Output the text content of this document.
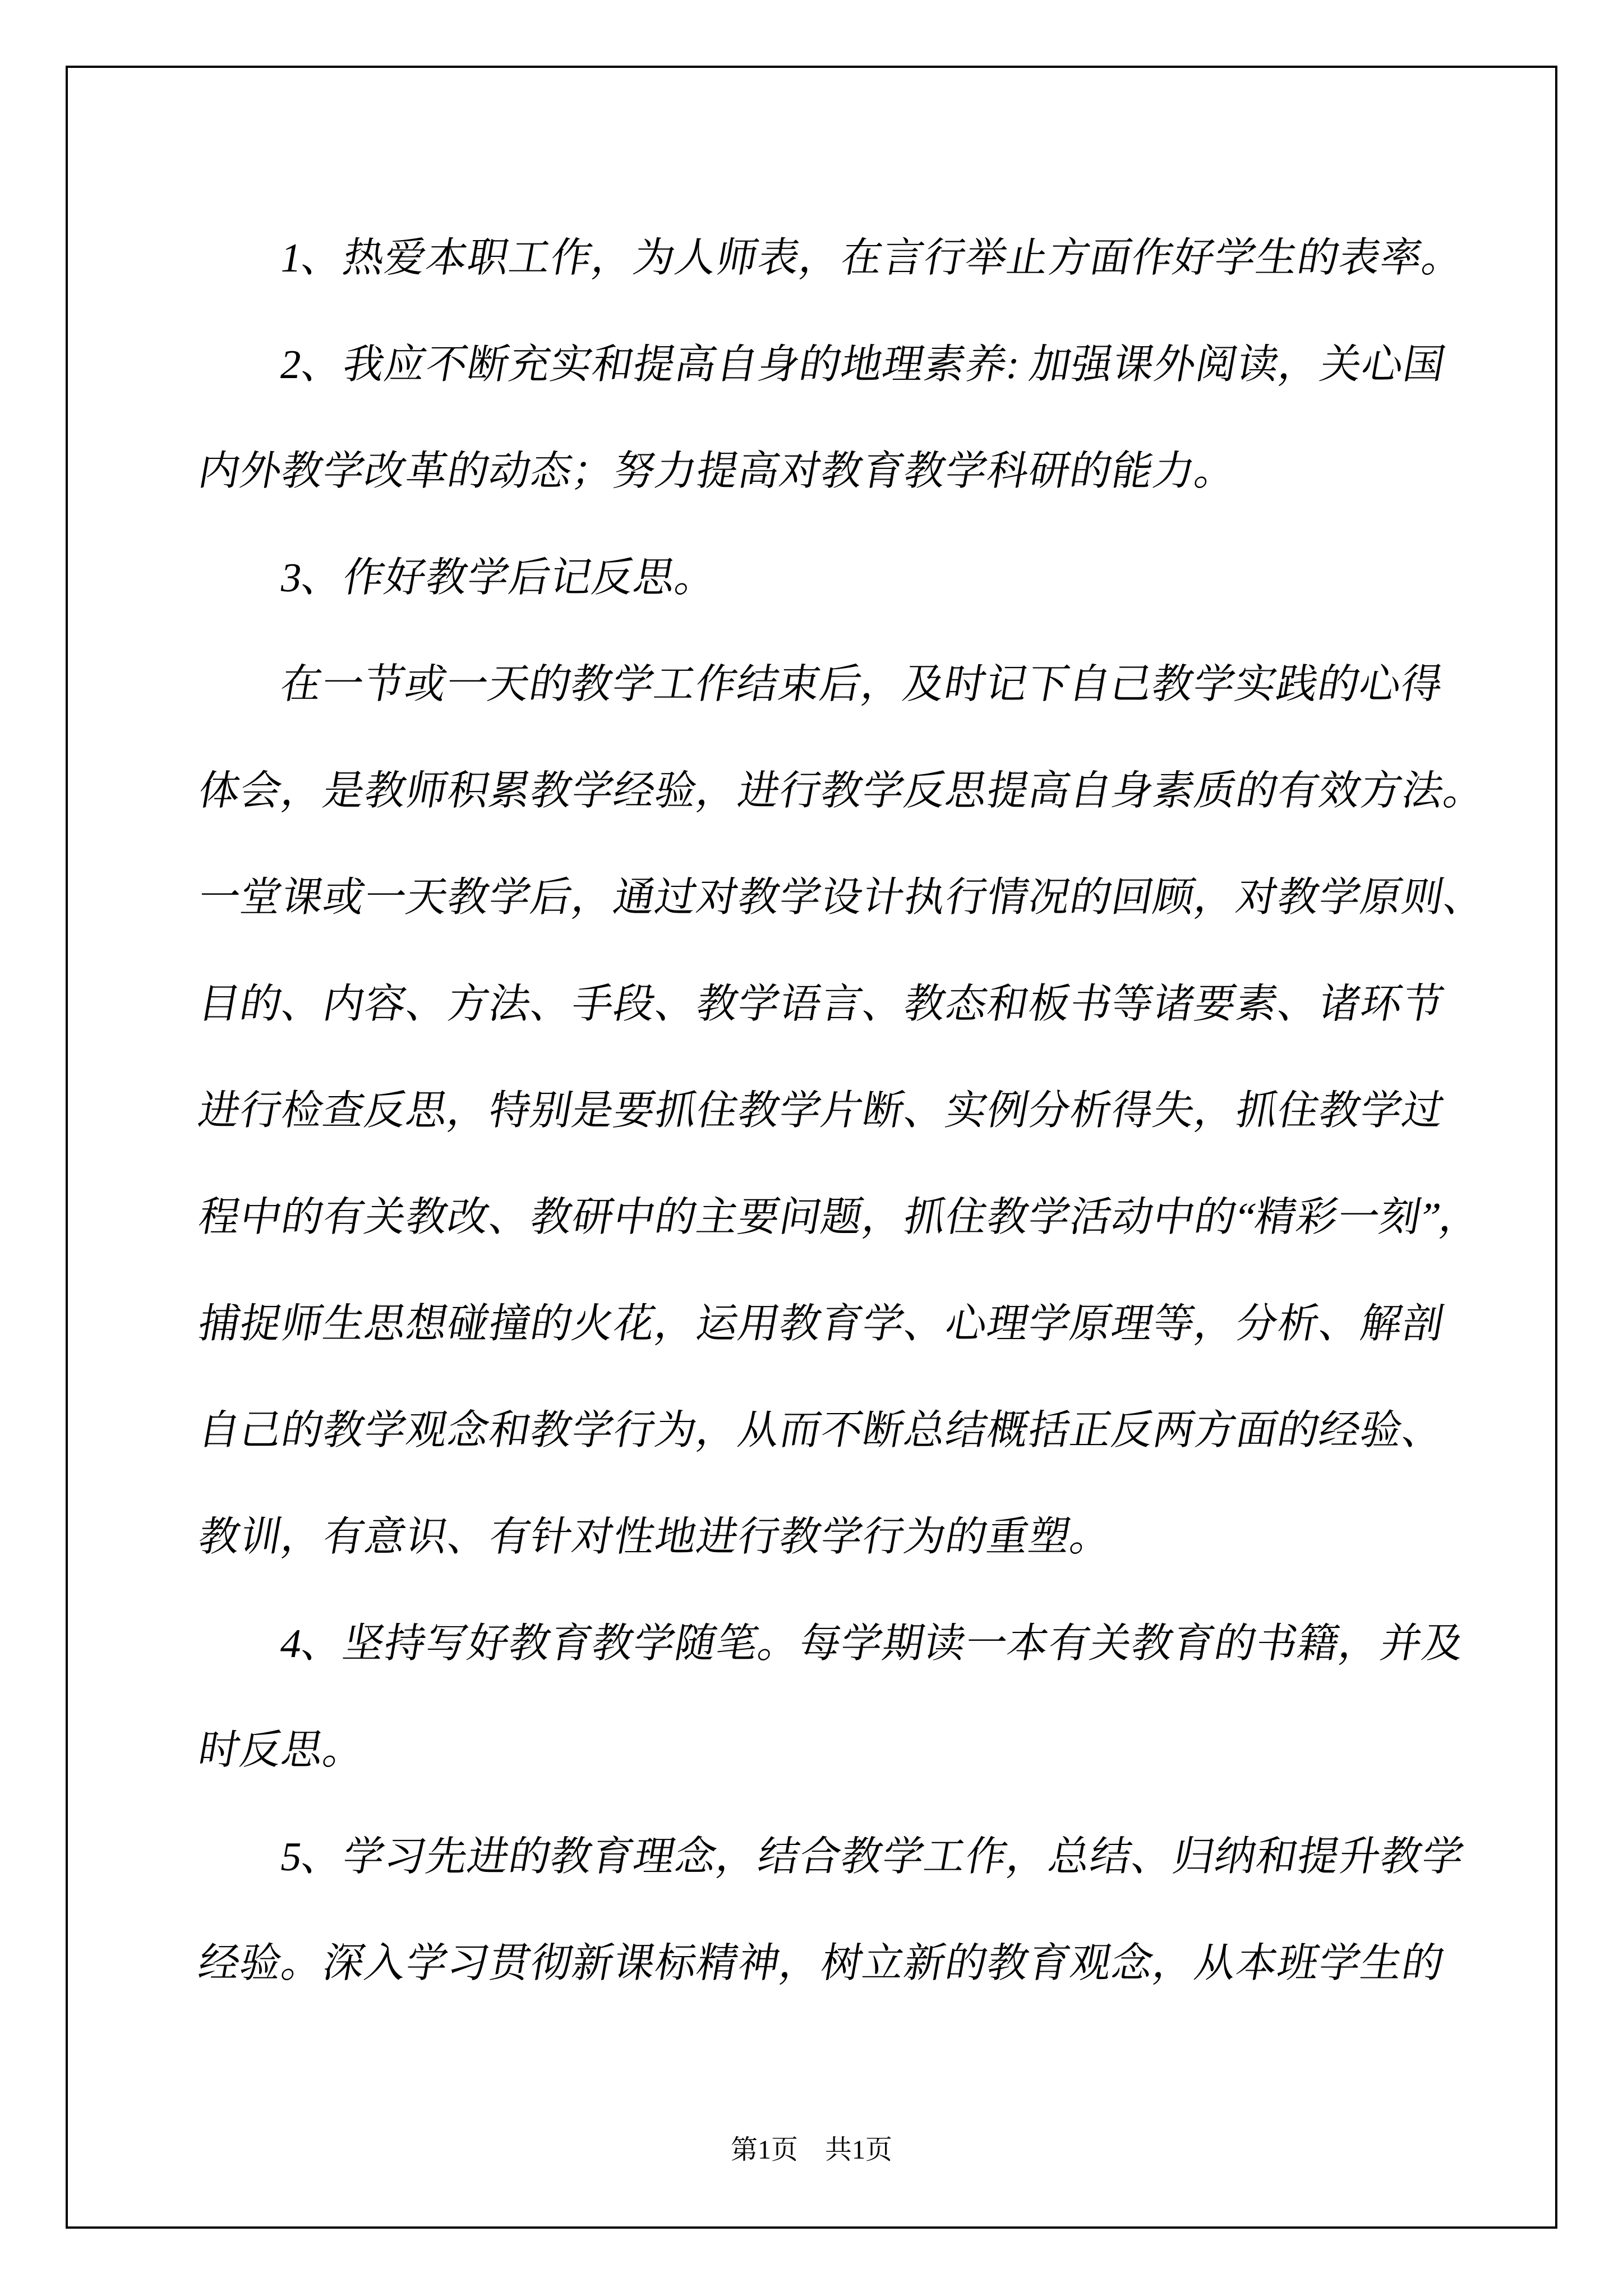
1、热爱本职工作，为人师表，在言行举止方面作好学生的表率。
2、我应不断充实和提高自身的地理素养: 加强课外阅读，关心国
内外教学改革的动态；努力提高对教育教学科研的能力。
3、作好教学后记反思。
在一节或一天的教学工作结束后，及时记下自己教学实践的心得
体会，是教师积累教学经验，进行教学反思提高自身素质的有效方法。
一堂课或一天教学后，通过对教学设计执行情况的回顾，对教学原则、
目的、内容、方法、手段、教学语言、教态和板书等诸要素、诸环节
进行检查反思，特别是要抓住教学片断、实例分析得失，抓住教学过
程中的有关教改、教研中的主要问题，抓住教学活动中的“精彩一刻”，
捕捉师生思想碰撞的火花，运用教育学、心理学原理等，分析、解剖
自己的教学观念和教学行为，从而不断总结概括正反两方面的经验、
教训，有意识、有针对性地进行教学行为的重塑。
4、坚持写好教育教学随笔。每学期读一本有关教育的书籍，并及
时反思。
5、学习先进的教育理念，结合教学工作，总结、归纳和提升教学
经验。深入学习贯彻新课标精神，树立新的教育观念，从本班学生的
第1页　共1页
